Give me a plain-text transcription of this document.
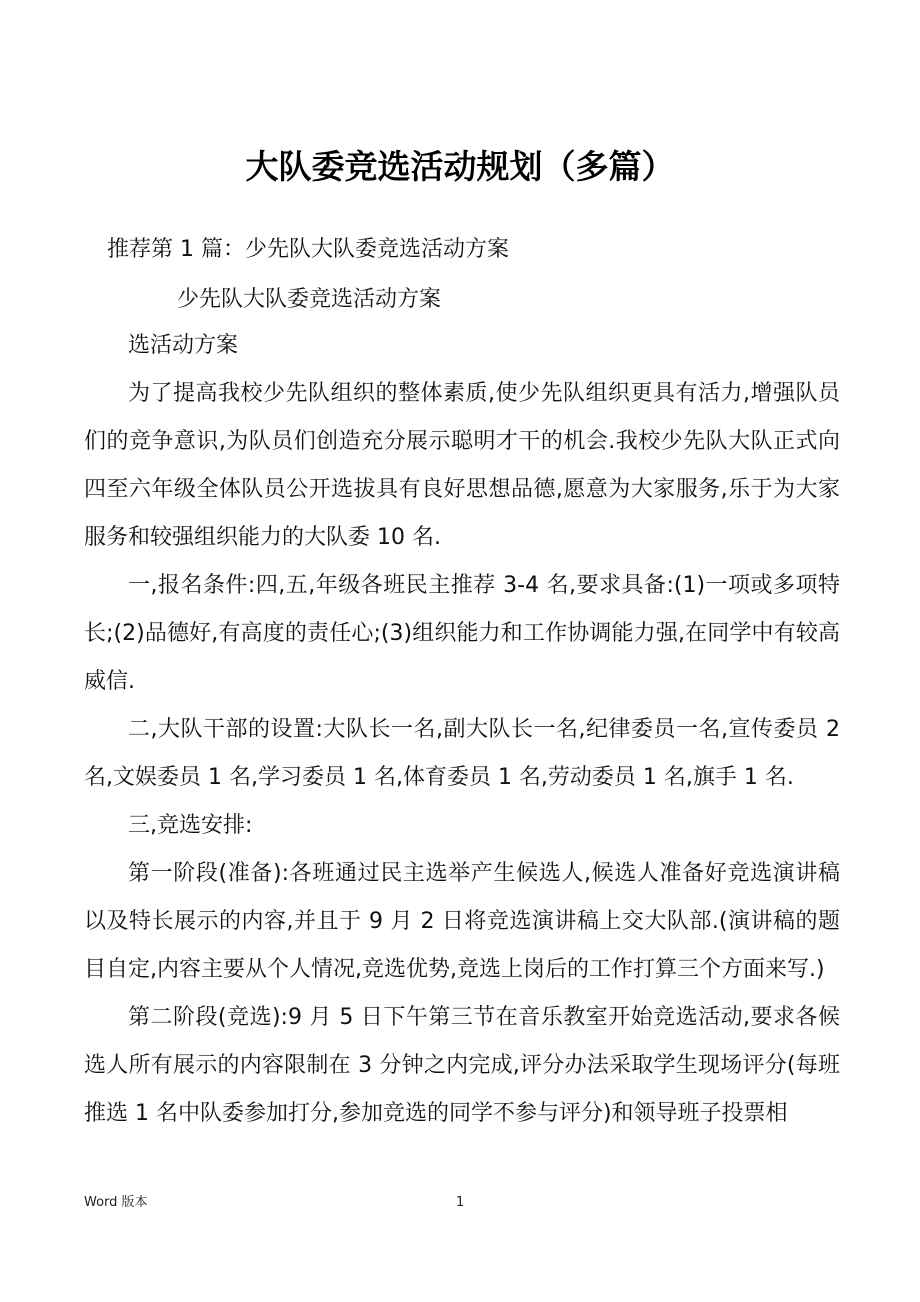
大队委竞选活动规划（多篇）
推荐第 1 篇：少先队大队委竞选活动方案
少先队大队委竞选活动方案

选活动方案

为了提高我校少先队组织的整体素质,使少先队组织更具有活力,增强队员们的竞争意识,为队员们创造充分展示聪明才干的机会.我校少先队大队正式向四至六年级全体队员公开选拔具有良好思想品德,愿意为大家服务,乐于为大家服务和较强组织能力的大队委 10 名.

一,报名条件:四,五,年级各班民主推荐 3-4 名,要求具备:(1)一项或多项特长;(2)品德好,有高度的责任心;(3)组织能力和工作协调能力强,在同学中有较高威信.

二,大队干部的设置:大队长一名,副大队长一名,纪律委员一名,宣传委员 2 名,文娱委员 1 名,学习委员 1 名,体育委员 1 名,劳动委员 1 名,旗手 1 名.

三,竞选安排:

第一阶段(准备):各班通过民主选举产生候选人,候选人准备好竞选演讲稿以及特长展示的内容,并且于 9 月 2 日将竞选演讲稿上交大队部.(演讲稿的题目自定,内容主要从个人情况,竞选优势,竞选上岗后的工作打算三个方面来写.)

第二阶段(竞选):9 月 5 日下午第三节在音乐教室开始竞选活动,要求各候选人所有展示的内容限制在 3 分钟之内完成,评分办法采取学生现场评分(每班推选 1 名中队委参加打分,参加竞选的同学不参与评分)和领导班子投票相

Word 版本	1
